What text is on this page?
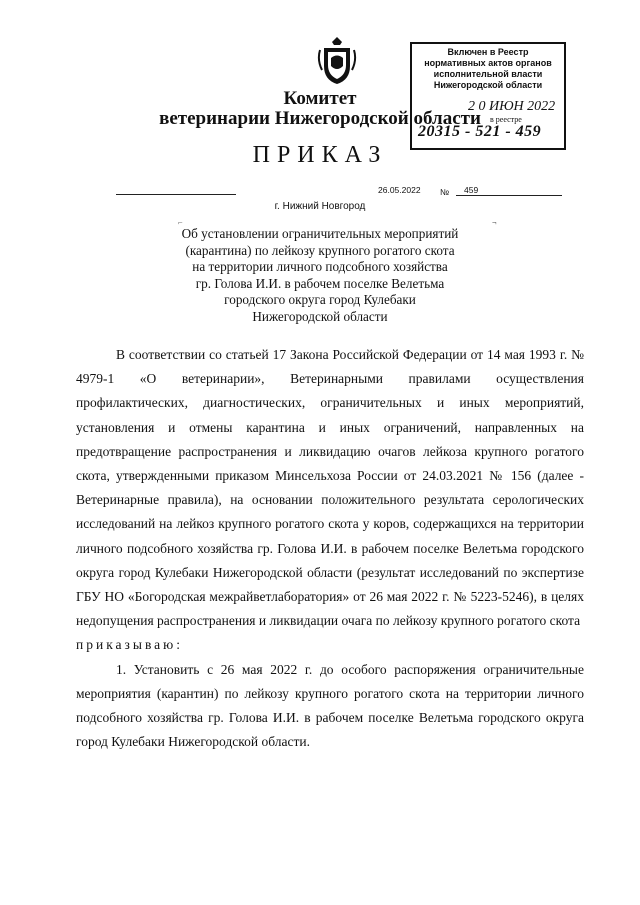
Комитет
ветеринарии Нижегородской области
ПРИКАЗ
Включен в Реестр
нормативных актов органов
исполнительной власти
Нижегородской области
2 0 ИЮН 2022
в реестре
20315 - 521 - 459
26.05.2022 № 459
г. Нижний Новгород
⌐	¬
Об установлении ограничительных мероприятий
(карантина) по лейкозу крупного рогатого скота
на территории личного подсобного хозяйства
гр. Голова И.И. в рабочем поселке Велетьма
городского округа город Кулебаки
Нижегородской области

В соответствии со статьей 17 Закона Российской Федерации от 14 мая 1993 г. № 4979-1 «О ветеринарии», Ветеринарными правилами осуществления профилактических, диагностических, ограничительных и иных мероприятий, установления и отмены карантина и иных ограничений, направленных на предотвращение распространения и ликвидацию очагов лейкоза крупного рогатого скота, утвержденными приказом Минсельхоза России от 24.03.2021 № 156 (далее - Ветеринарные правила), на основании положительного результата серологических исследований на лейкоз крупного рогатого скота у коров, содержащихся на территории личного подсобного хозяйства гр. Голова И.И. в рабочем поселке Велетьма городского округа город Кулебаки Нижегородской области (результат исследований по экспертизе ГБУ НО «Богородская межрайветлаборатория» от 26 мая 2022 г. № 5223-5246), в целях недопущения распространения и ликвидации очага по лейкозу крупного рогатого скота

приказываю:

1. Установить с 26 мая 2022 г. до особого распоряжения ограничительные мероприятия (карантин) по лейкозу крупного рогатого скота на территории личного подсобного хозяйства гр. Голова И.И. в рабочем поселке Велетьма городского округа город Кулебаки Нижегородской области.
